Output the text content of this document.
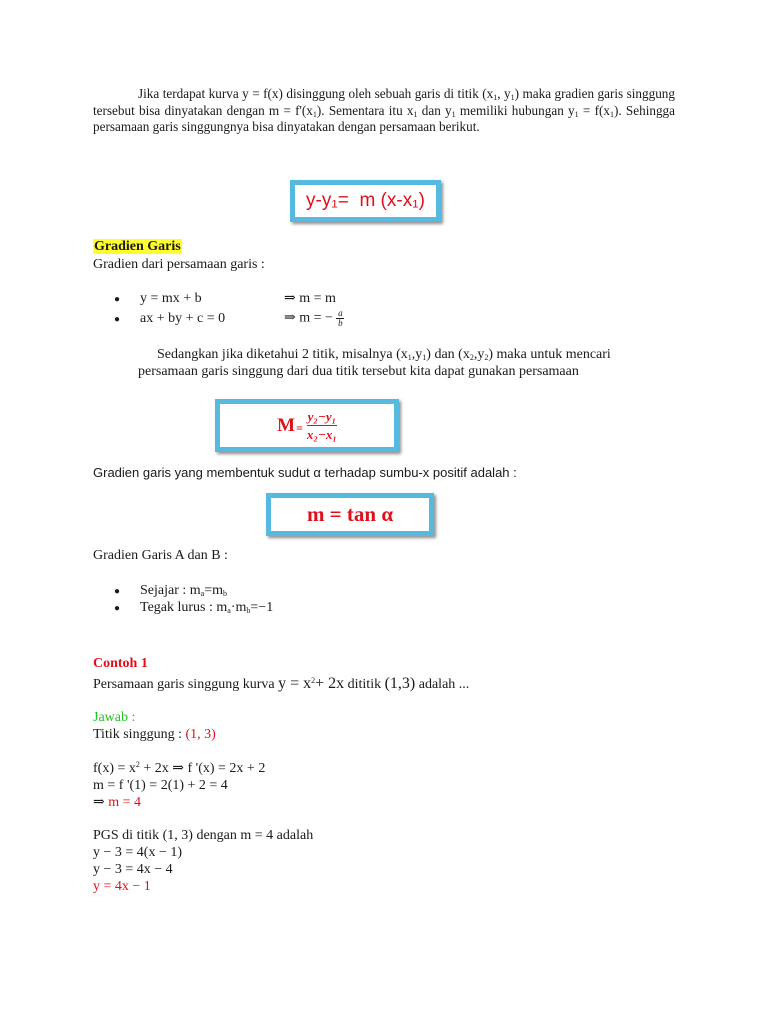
Jika terdapat kurva y = f(x) disinggung oleh sebuah garis di titik ($x_1$, $y_1$) maka gradien garis singgung tersebut bisa dinyatakan dengan $m = f'(x_1)$. Sementara itu $x_1$ dan $y_1$ memiliki hubungan $y_1 = f(x_1)$. Sehingga persamaan garis singgungnya bisa dinyatakan dengan persamaan berikut.
y-y₁=  m (x-x₁)
Gradien Garis
Gradien dari persamaan garis :
● y = mx + b	⇒ m = m
● ax + by + c = 0	⇒ m = − $\frac{a}{b}$
Sedangkan jika diketahui 2 titik, misalnya $(x_1,y_1)$ dan $(x_2,y_2)$ maka untuk mencari
persamaan garis singgung dari dua titik tersebut kita dapat gunakan persamaan
$M = \frac{\text{y₂−y₁}}{\text{x₂−x₁}}$
Gradien garis yang membentuk sudut α terhadap sumbu-x positif adalah :
m = tan α
Gradien Garis A dan B :
● Sejajar : $m_a=m_b$
● Tegak lurus : $m_a\cdot m_b=-1$
Contoh 1
Persamaan garis singgung kurva $y = x^2+ 2x$ dititik (1,3) adalah ...
Jawab :
Titik singgung : (1, 3)
$f(x) = x^2 + 2x$ ⇒ f '(x) = 2x + 2
m = f '(1) = 2(1) + 2 = 4
⇒ m = 4
PGS di titik (1, 3) dengan m = 4 adalah
y − 3 = 4(x − 1)
y − 3 = 4x − 4
y = 4x − 1
